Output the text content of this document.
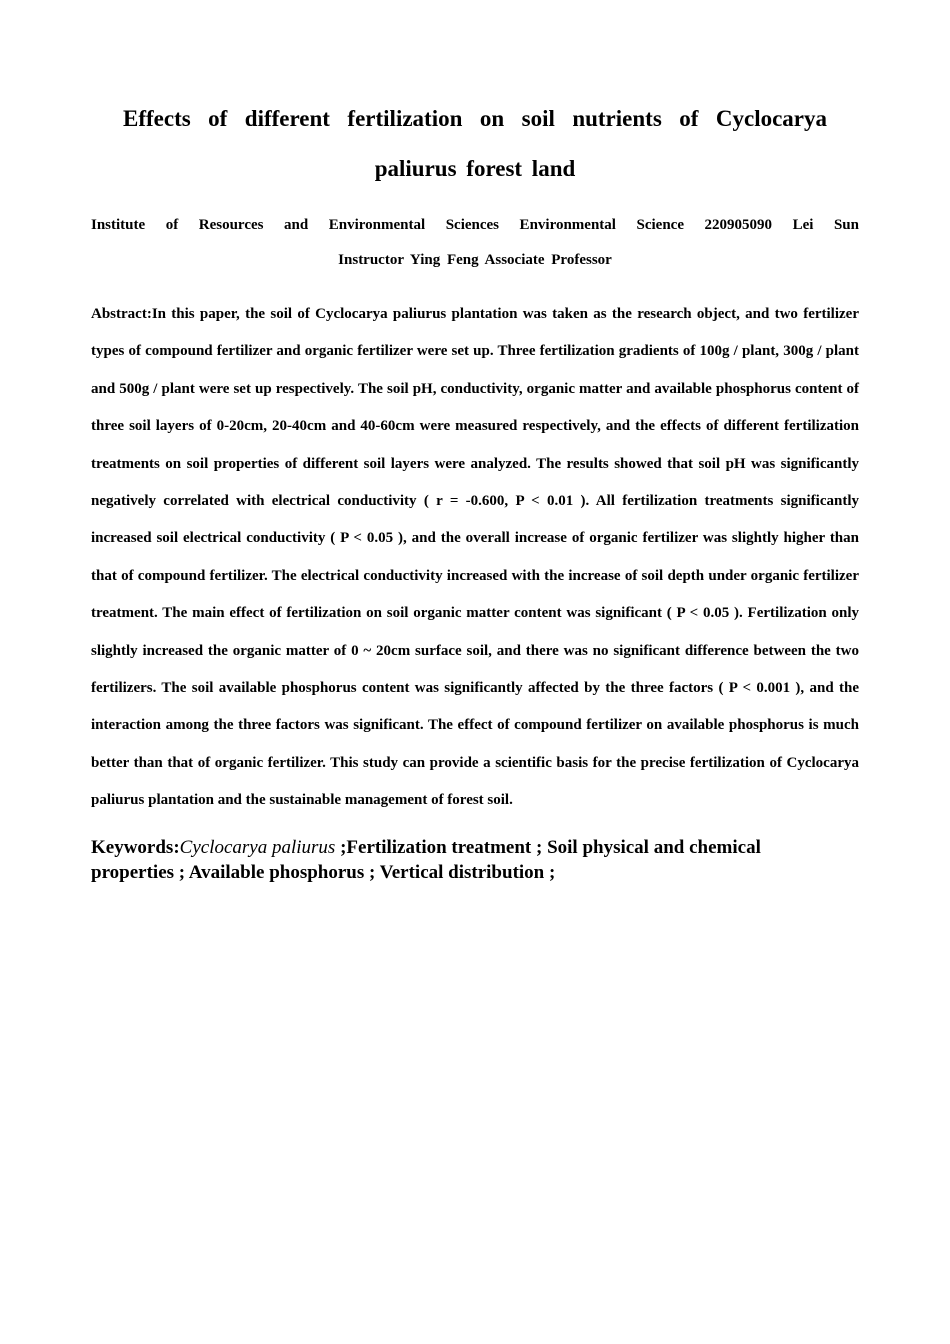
Effects of different fertilization on soil nutrients of Cyclocarya
paliurus forest land
Institute of Resources and Environmental Sciences Environmental Science 220905090 Lei Sun
Instructor Ying Feng Associate Professor

Abstract:In this paper, the soil of Cyclocarya paliurus plantation was taken as the research object, and two fertilizer types of compound fertilizer and organic fertilizer were set up. Three fertilization gradients of 100g / plant, 300g / plant and 500g / plant were set up respectively. The soil pH, conductivity, organic matter and available phosphorus content of three soil layers of 0-20cm, 20-40cm and 40-60cm were measured respectively, and the effects of different fertilization treatments on soil properties of different soil layers were analyzed. The results showed that soil pH was significantly negatively correlated with electrical conductivity ( r = -0.600, P < 0.01 ). All fertilization treatments significantly increased soil electrical conductivity ( P < 0.05 ), and the overall increase of organic fertilizer was slightly higher than that of compound fertilizer. The electrical conductivity increased with the increase of soil depth under organic fertilizer treatment. The main effect of fertilization on soil organic matter content was significant ( P < 0.05 ). Fertilization only slightly increased the organic matter of 0 ~ 20cm surface soil, and there was no significant difference between the two fertilizers. The soil available phosphorus content was significantly affected by the three factors ( P < 0.001 ), and the interaction among the three factors was significant. The effect of compound fertilizer on available phosphorus is much better than that of organic fertilizer. This study can provide a scientific basis for the precise fertilization of Cyclocarya paliurus plantation and the sustainable management of forest soil.

Keywords:Cyclocarya paliurus ;Fertilization treatment ; Soil physical and chemical properties ; Available phosphorus ; Vertical distribution ;
